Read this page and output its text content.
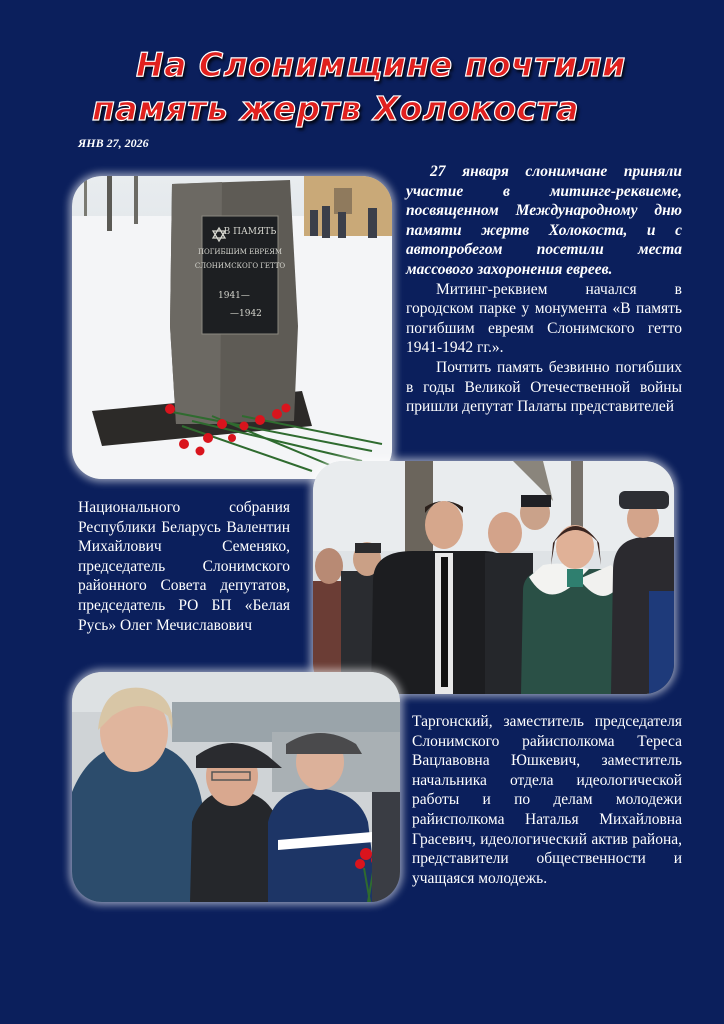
На Слонимщине почтили
память жертв Холокоста
ЯНВ 27, 2026
В ПАМЯТЬ
ПОГИБШИМ ЕВРЕЯМ
СЛОНИМСКОГО ГЕТТО
1941—
—1942

27 января слонимчане приняли участие в митинге-реквиеме, посвященном Международному дню памяти жертв Холокоста, и с автопробегом посетили места массового захоронения евреев.

Митинг-реквием начался в городском парке у монумента «В память погибшим евреям Слонимского гетто 1941-1942 гг.».

Почтить память безвинно погибших в годы Великой Отечественной войны пришли депутат Палаты представителей

Национального собрания Республики Беларусь Валентин Михайлович Семеняко, председатель Слонимского районного Совета депутатов, председатель РО БП «Белая Русь» Олег Мечиславович

Таргонский, заместитель председателя Слонимского райисполкома Тереса Вацлавовна Юшкевич, заместитель начальника отдела идеологической работы и по делам молодежи райисполкома Наталья Михайловна Грасевич, идеологический актив района, представители общественности и учащаяся молодежь.
